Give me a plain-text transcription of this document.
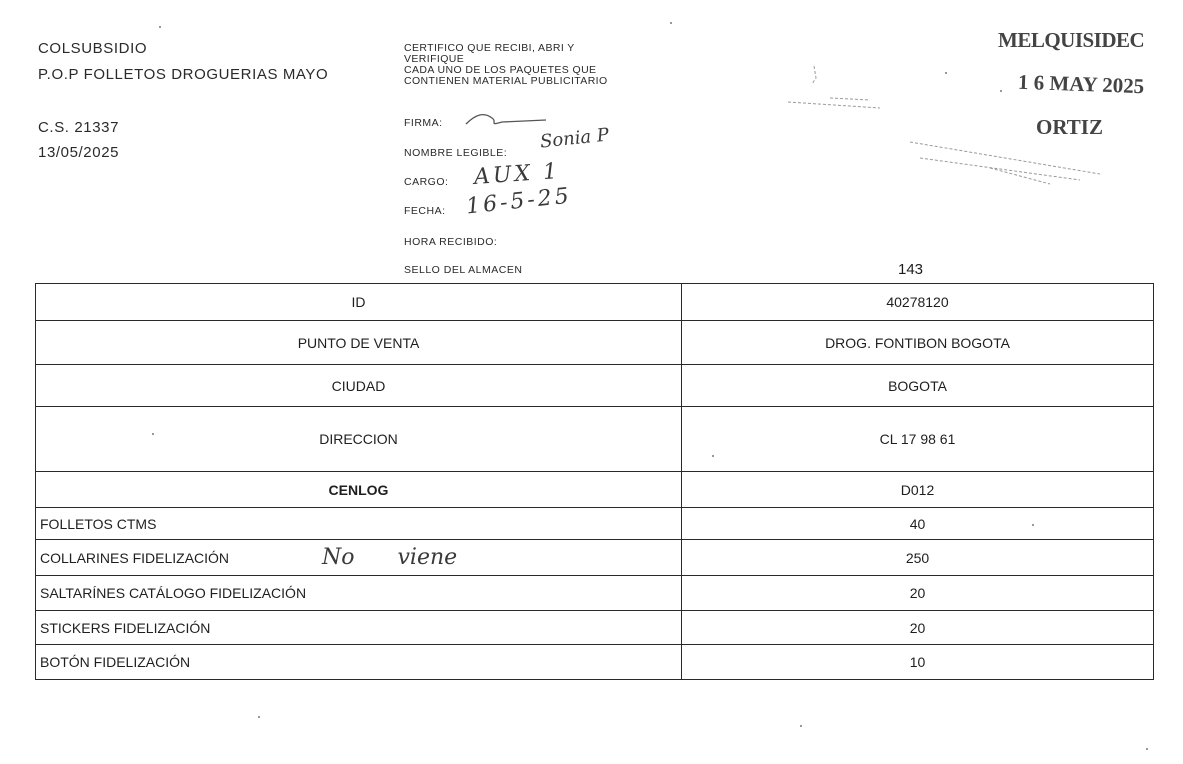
COLSUBSIDIO
P.O.P FOLLETOS DROGUERIAS MAYO
C.S. 21337
13/05/2025
CERTIFICO QUE RECIBI, ABRI Y
VERIFIQUE
CADA UNO DE LOS PAQUETES QUE
CONTIENEN MATERIAL PUBLICITARIO
FIRMA:
NOMBRE LEGIBLE:
Sonia P
CARGO: AUX 1
FECHA: 16-5-25
HORA RECIBIDO:
SELLO DEL ALMACEN	143
MELQUISIDEC
1 6 MAY 2025
ORTIZ
ID	40278120
PUNTO DE VENTA	DROG. FONTIBON BOGOTA
CIUDAD	BOGOTA
DIRECCION	CL 17 98 61
CENLOG	D012
FOLLETOS CTMS	40
COLLARINES FIDELIZACIÓN	250
SALTARÍNES CATÁLOGO FIDELIZACIÓN	20
STICKERS FIDELIZACIÓN	20
BOTÓN FIDELIZACIÓN	10
No viene
